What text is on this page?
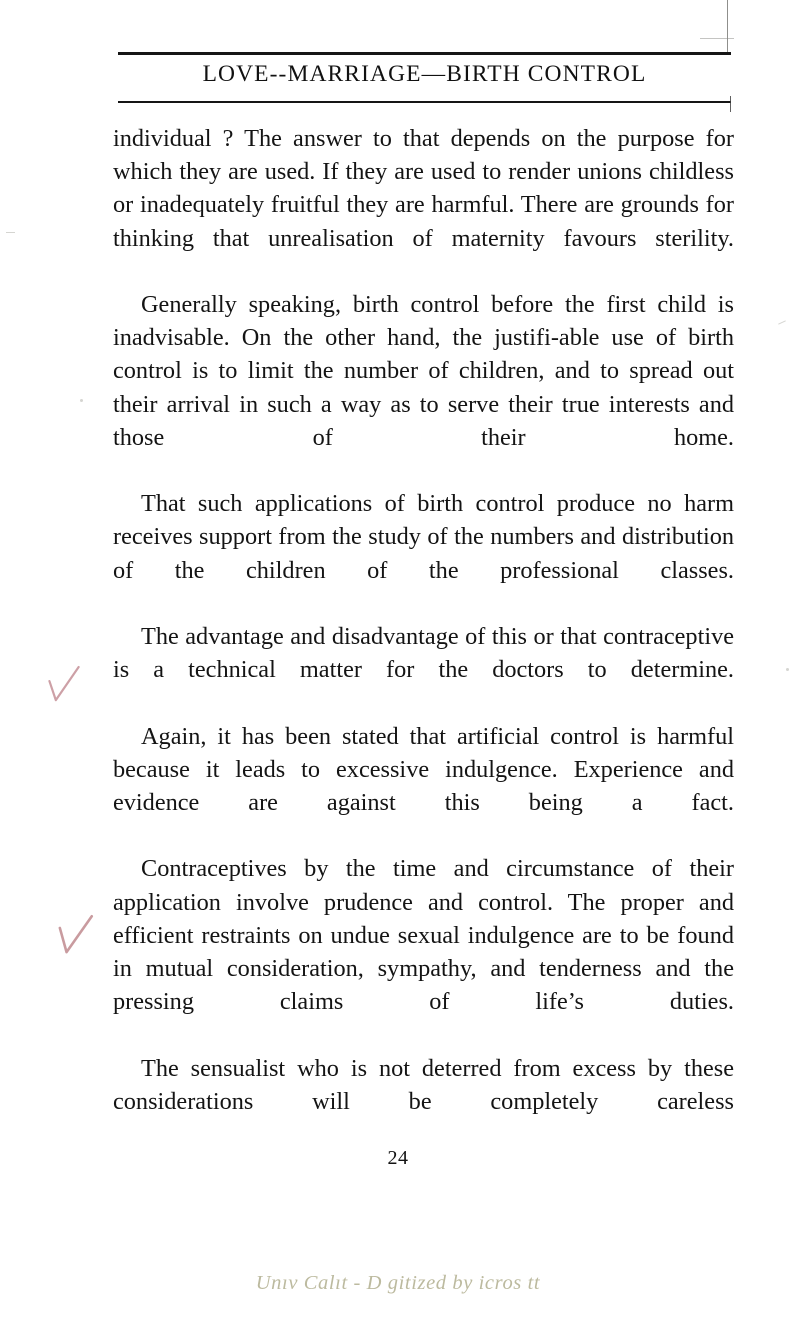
LOVE--MARRIAGE—BIRTH CONTROL

individual ? The answer to that depends on the purpose for which they are used. If they are used to render unions childless or inadequately fruitful they are harmful. There are grounds for thinking that unrealisation of maternity favours sterility.

Generally speaking, birth control before the first child is inadvisable. On the other hand, the justifi-able use of birth control is to limit the number of children, and to spread out their arrival in such a way as to serve their true interests and those of their home.

That such applications of birth control produce no harm receives support from the study of the numbers and distribution of the children of the professional classes.

The advantage and disadvantage of this or that contraceptive is a technical matter for the doctors to determine.

Again, it has been stated that artificial control is harmful because it leads to excessive indulgence. Experience and evidence are against this being a fact.

Contraceptives by the time and circumstance of their application involve prudence and control. The proper and efficient restraints on undue sexual indulgence are to be found in mutual consideration, sympathy, and tenderness and the pressing claims of life’s duties.

The sensualist who is not deterred from excess by these considerations will be completely careless

24
Unıv Calıt - D gitized by icros tt
